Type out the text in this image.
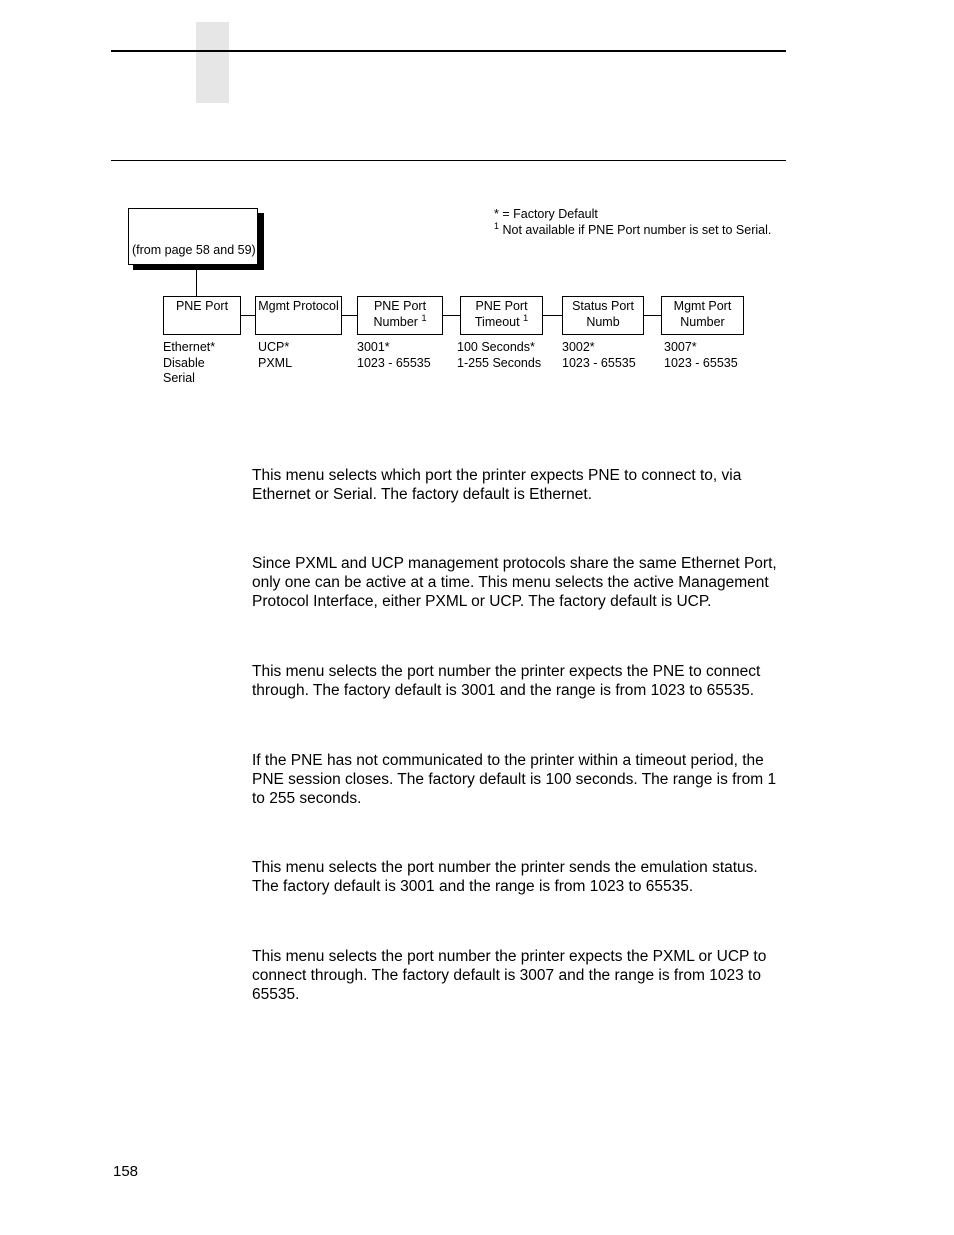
* = Factory Default
$^1$ Not available if PNE Port number is set to Serial.
(from page 58 and 59)
PNE Port	Mgmt Protocol	PNE Port
Number $^1$
PNE Port
Timeout $^1$
Status Port
Numb
Mgmt Port
Number
Ethernet*
Disable
Serial
UCP*
PXML
3001*
1023 - 65535
100 Seconds*
1-255 Seconds
3002*
1023 - 65535
3007*
1023 - 65535
This menu selects which port the printer expects PNE to connect to, via Ethernet or Serial. The factory default is Ethernet.
Since PXML and UCP management protocols share the same Ethernet Port, only one can be active at a time. This menu selects the active Management Protocol Interface, either PXML or UCP. The factory default is UCP.
This menu selects the port number the printer expects the PNE to connect through. The factory default is 3001 and the range is from 1023 to 65535.
If the PNE has not communicated to the printer within a timeout period, the PNE session closes. The factory default is 100 seconds. The range is from 1 to 255 seconds.
This menu selects the port number the printer sends the emulation status. The factory default is 3001 and the range is from 1023 to 65535.
This menu selects the port number the printer expects the PXML or UCP to connect through. The factory default is 3007 and the range is from 1023 to 65535.
158
